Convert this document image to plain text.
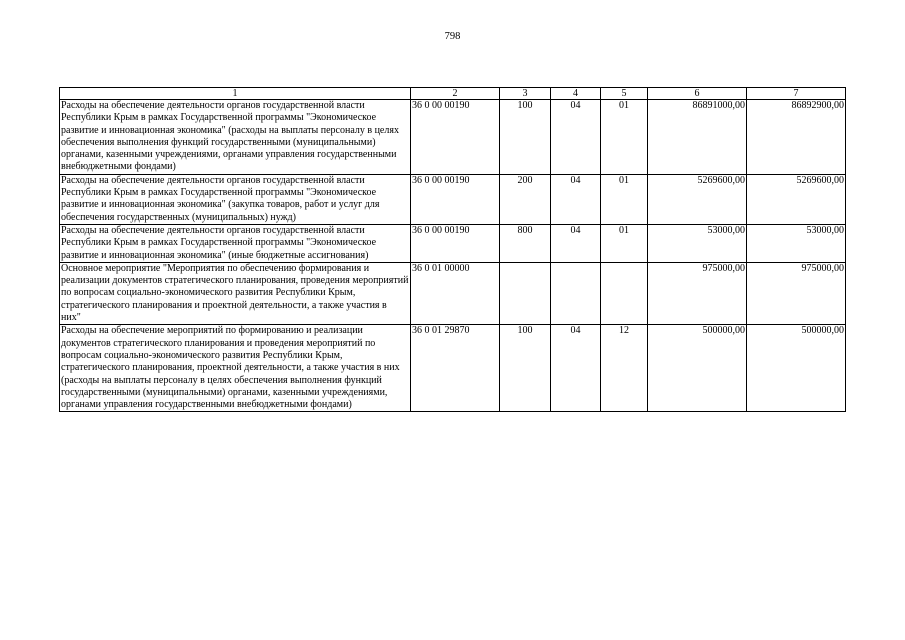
798
1	2	3	4	5	6	7
Расходы на обеспечение деятельности органов государственной власти Республики Крым в рамках Государственной программы "Экономическое развитие и инновационная экономика" (расходы на выплаты персоналу в целях обеспечения выполнения функций государственными (муниципальными) органами, казенными учреждениями, органами управления государственными внебюджетными фондами)	36 0 00 00190	100	04	01	86891000,00	86892900,00
Расходы на обеспечение деятельности органов государственной власти Республики Крым в рамках Государственной программы "Экономическое развитие и инновационная экономика" (закупка товаров, работ и услуг для обеспечения государственных (муниципальных) нужд)	36 0 00 00190	200	04	01	5269600,00	5269600,00
Расходы на обеспечение деятельности органов государственной власти Республики Крым в рамках Государственной программы "Экономическое развитие и инновационная экономика" (иные бюджетные ассигнования)	36 0 00 00190	800	04	01	53000,00	53000,00
Основное мероприятие "Мероприятия по обеспечению формирования и реализации документов стратегического планирования, проведения мероприятий по вопросам социально-экономического развития Республики Крым, стратегического планирования и проектной деятельности, а также участия в них"	36 0 01 00000				975000,00	975000,00
Расходы на обеспечение мероприятий по формированию и реализации документов стратегического планирования и проведения мероприятий по вопросам социально-экономического развития Республики Крым, стратегического планирования, проектной деятельности, а также участия в них (расходы на выплаты персоналу в целях обеспечения выполнения функций государственными (муниципальными) органами, казенными учреждениями, органами управления государственными внебюджетными фондами)	36 0 01 29870	100	04	12	500000,00	500000,00
